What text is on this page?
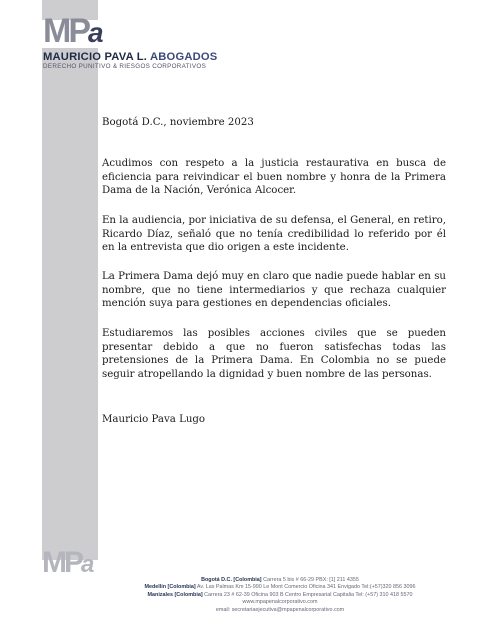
MPa
MAURICIO PAVA L. ABOGADOS
DERECHO PUNITIVO & RIESGOS CORPORATIVOS
Bogotá D.C., noviembre 2023

Acudimos con respeto a la justicia restaurativa en busca de eficiencia para reivindicar el buen nombre y honra de la Primera Dama de la Nación, Verónica Alcocer.

En la audiencia, por iniciativa de su defensa, el General, en retiro, Ricardo Díaz, señaló que no tenía credibilidad lo referido por él en la entrevista que dio origen a este incidente.

La Primera Dama dejó muy en claro que nadie puede hablar en su nombre, que no tiene intermediarios y que rechaza cualquier mención suya para gestiones en dependencias oficiales.

Estudiaremos las posibles acciones civiles que se pueden presentar debido a que no fueron satisfechas todas las pretensiones de la Primera Dama. En Colombia no se puede seguir atropellando la dignidad y buen nombre de las personas.

Mauricio Pava Lugo
MPa
Bogotá D.C. [Colombia] Carrera 5 bis # 66-29 PBX: [1] 211 4355
Medellín [Colombia] Av. Las Palmas Km 15-990 Le Mont Comercio Oficina 341 Envigado Tel:(+57)320 856 3096
Manizales [Colombia] Carrera 23 # 62-39 Oficina 903 B Centro Empresarial Capitalia Tel: (+57) 310 418 5570
www.mpapenalcorporativo.com
email: secretariaejecutiva@mpapenalcorporativo.com
